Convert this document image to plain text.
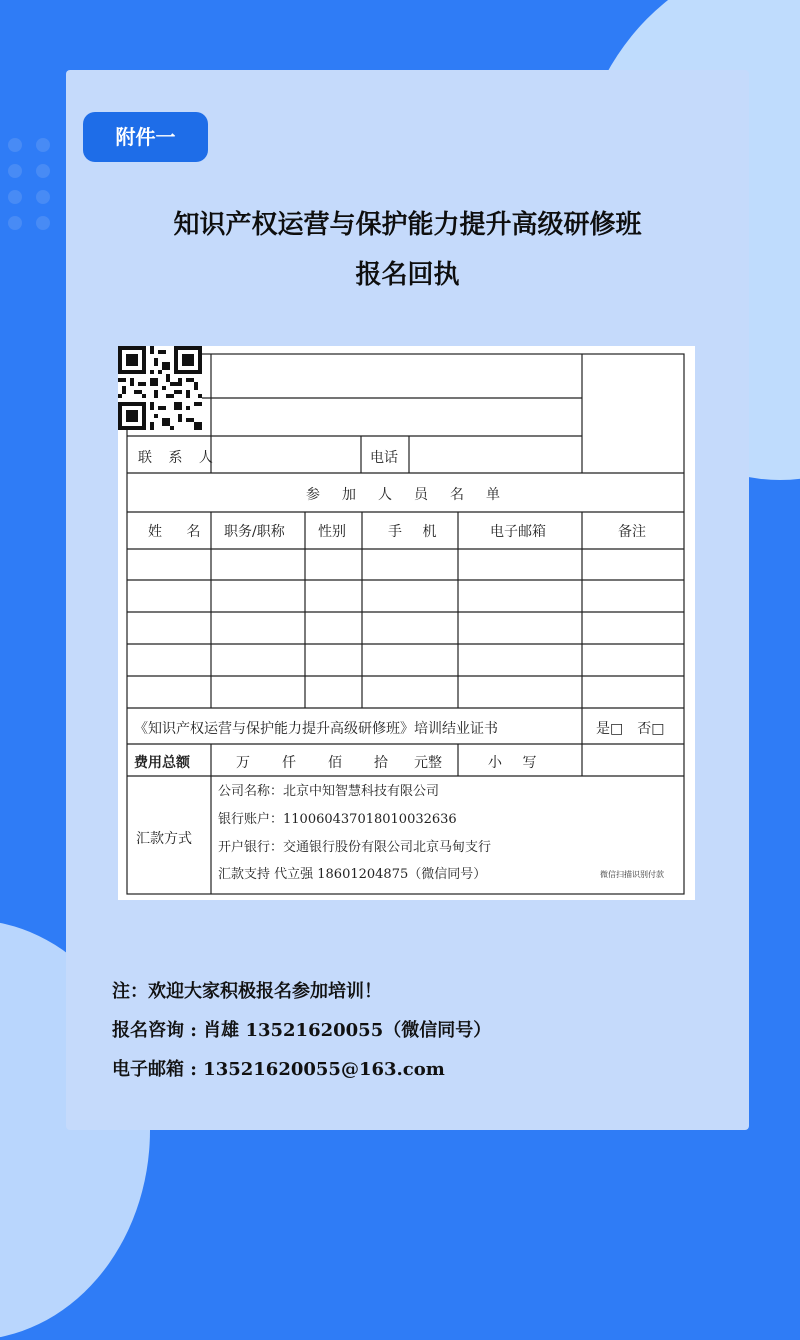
附件一
知识产权运营与保护能力提升高级研修班
报名回执
联 系 人	电话
参加人员名单
姓 名 职务/职称 性别	手 机	电子邮箱	备注
《知识产权运营与保护能力提升高级研修班》培训结业证书	是□　否□
费用总额	万 仟 佰 拾 元整	小 写
汇款方式
公司名称：北京中知智慧科技有限公司
银行账户：11006043701801003263​6
开户银行：交通银行股份有限公司北京马甸支行
汇款支持 代立强 18601204875（微信同号）	微信扫描识别付款
注：欢迎大家积极报名参加培训！
报名咨询 : 肖雄 13521620055（微信同号）
电子邮箱 : 13521620055@163.com
